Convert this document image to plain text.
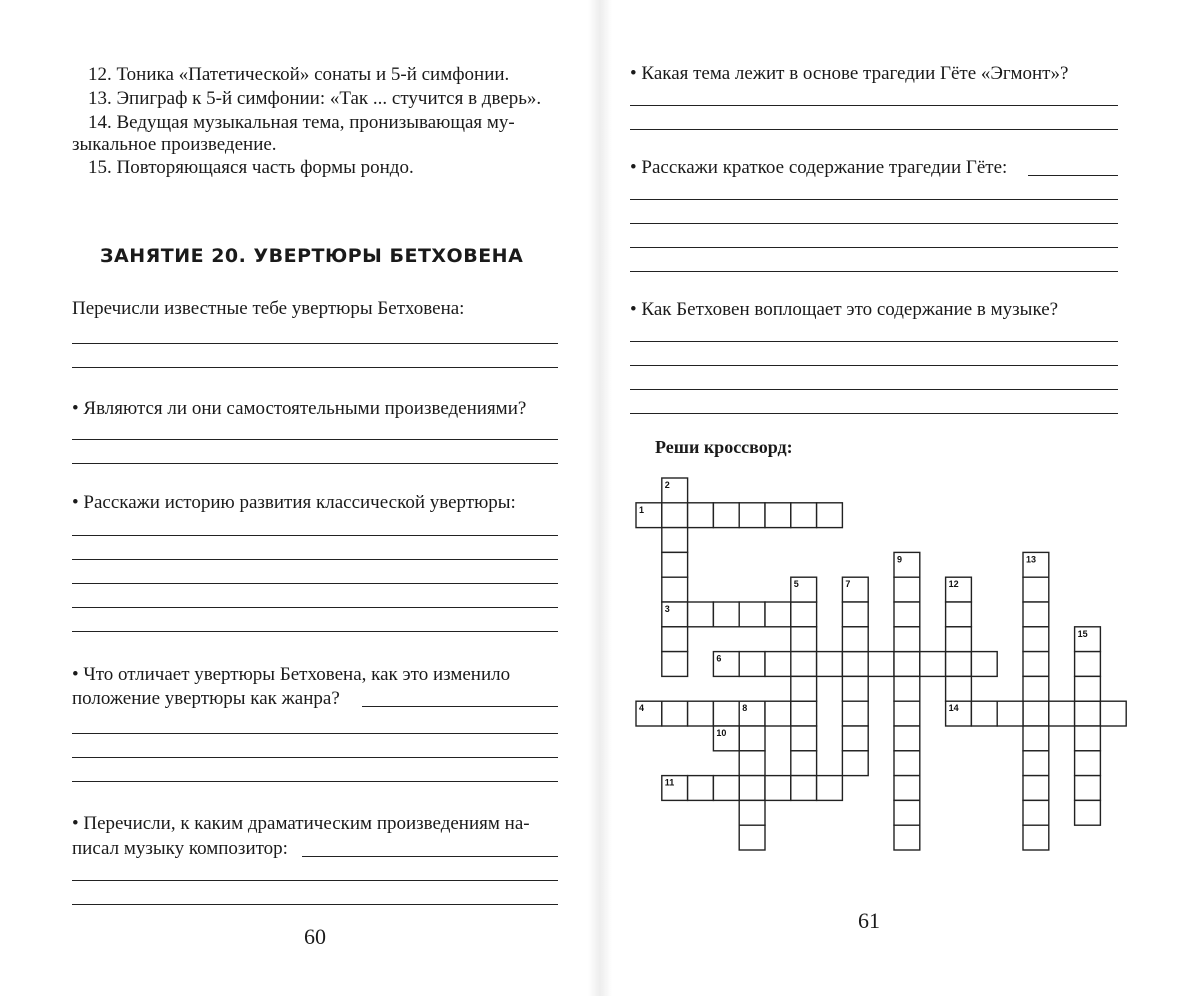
12. Тоника «Патетической» сонаты и 5-й симфонии.
13. Эпиграф к 5-й симфонии: «Так ... стучится в дверь».
14. Ведущая музыкальная тема, пронизывающая му-
зыкальное произведение.
15. Повторяющаяся часть формы рондо.
ЗАНЯТИЕ 20. УВЕРТЮРЫ БЕТХОВЕНА
Перечисли известные тебе увертюры Бетховена:
• Являются ли они самостоятельными произведениями?
• Расскажи историю развития классической увертюры:
• Что отличает увертюры Бетховена, как это изменило
положение увертюры как жанра?
• Перечисли, к каким драматическим произведениям на-
писал музыку композитор:
60
• Какая тема лежит в основе трагедии Гёте «Эгмонт»?
• Расскажи краткое содержание трагедии Гёте:
• Как Бетховен воплощает это содержание в музыке?
61
Реши кроссворд:
1
2
3
4
5
6
7
8
9
10
11
12
13
14
15
